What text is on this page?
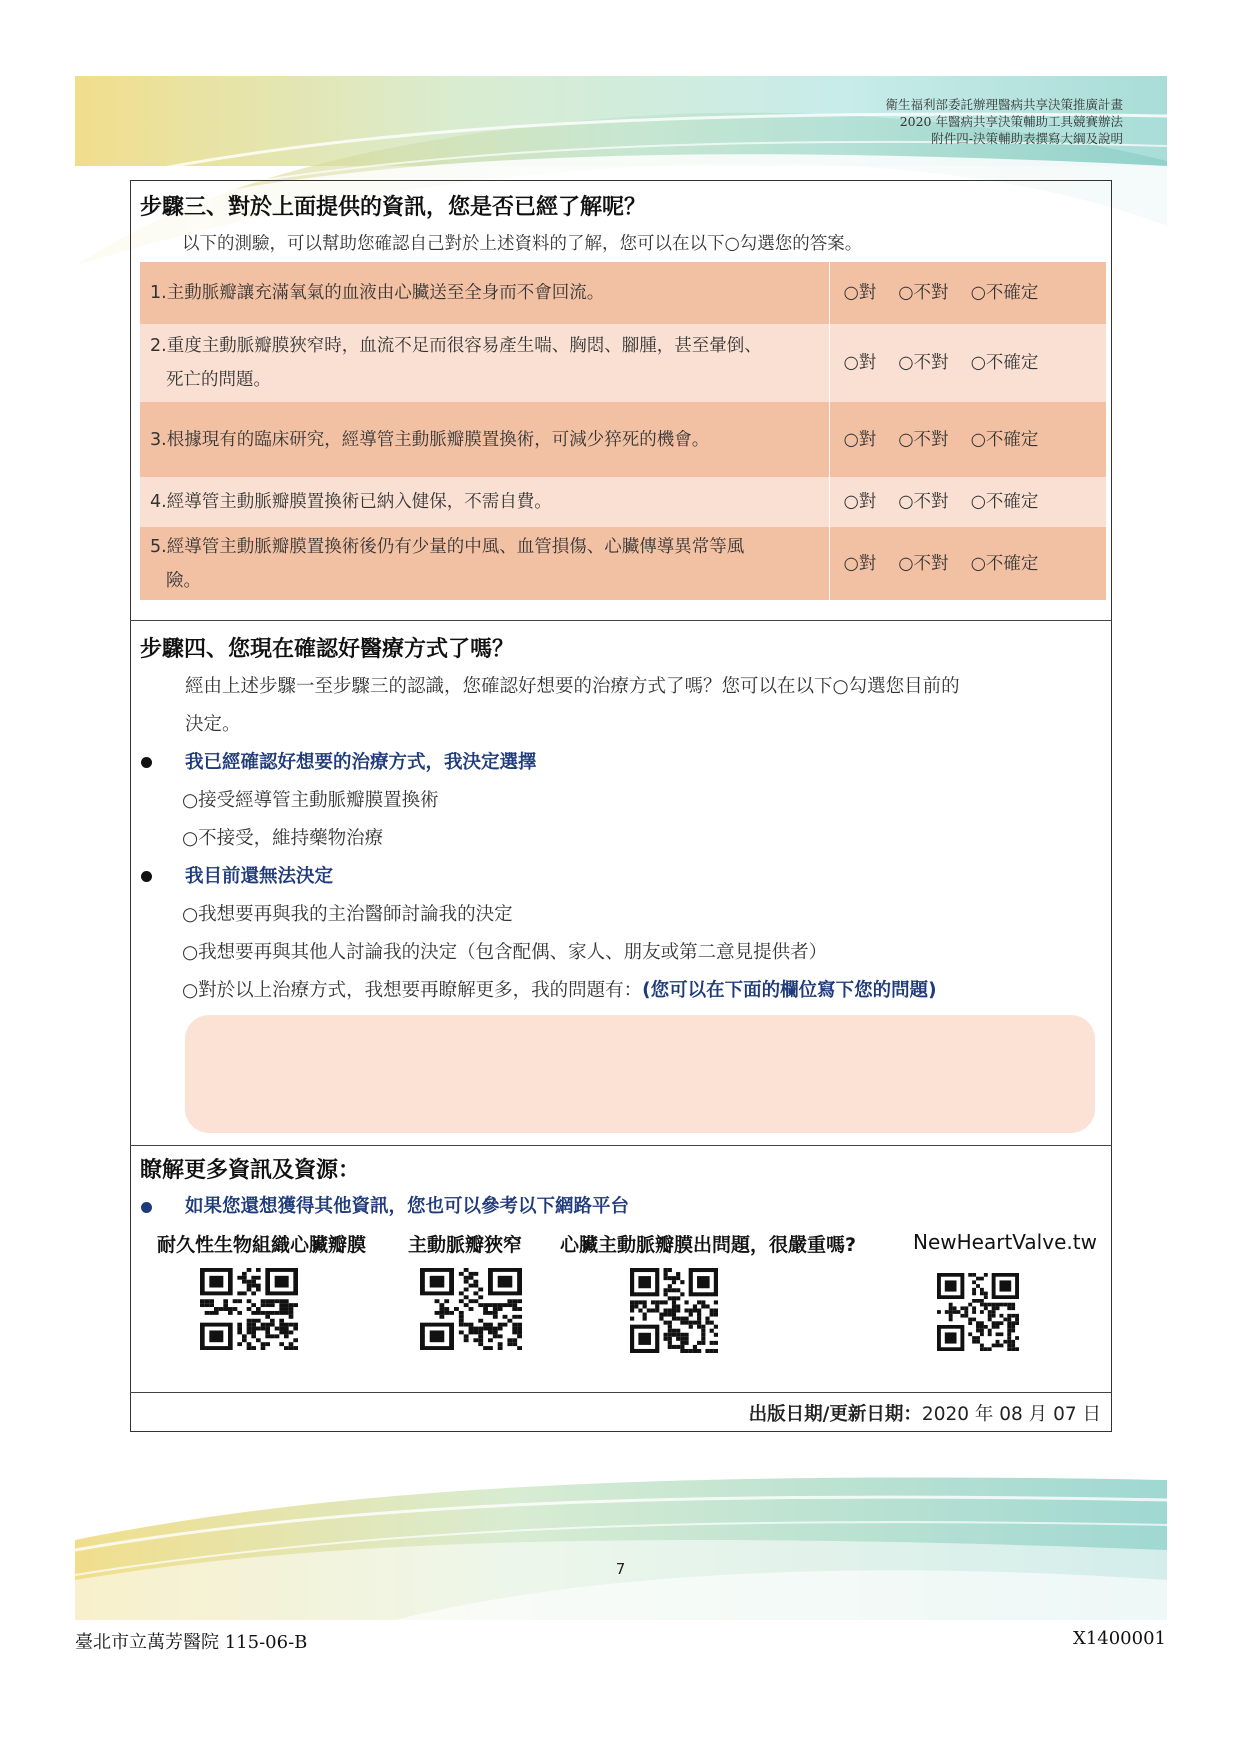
衛生福利部委託辦理醫病共享決策推廣計畫
2020 年醫病共享決策輔助工具競賽辦法
附件四-決策輔助表撰寫大綱及說明
步驟三、對於上面提供的資訊，您是否已經了解呢？
以下的測驗，可以幫助您確認自己對於上述資料的了解，您可以在以下○勾選您的答案。
1.主動脈瓣讓充滿氧氣的血液由心臟送至全身而不會回流。	○對 ○不對 ○不確定

2.重度主動脈瓣膜狹窄時，血流不足而很容易產生喘、胸悶、腳腫，甚至暈倒、
死亡的問題。	○對 ○不對 ○不確定
3.根據現有的臨床研究，經導管主動脈瓣膜置換術，可減少猝死的機會。	○對 ○不對 ○不確定
4.經導管主動脈瓣膜置換術已納入健保，不需自費。	○對 ○不對 ○不確定

5.經導管主動脈瓣膜置換術後仍有少量的中風、血管損傷、心臟傳導異常等風
險。	○對 ○不對 ○不確定
步驟四、您現在確認好醫療方式了嗎？
經由上述步驟一至步驟三的認識，您確認好想要的治療方式了嗎？您可以在以下○勾選您目前的
決定。
我已經確認好想要的治療方式，我決定選擇
○接受經導管主動脈瓣膜置換術
○不接受，維持藥物治療
我目前還無法決定
○我想要再與我的主治醫師討論我的決定
○我想要再與其他人討論我的決定（包含配偶、家人、朋友或第二意見提供者）
○對於以上治療方式，我想要再瞭解更多，我的問題有：(您可以在下面的欄位寫下您的問題)
瞭解更多資訊及資源：
如果您還想獲得其他資訊，您也可以參考以下網路平台
耐久性生物組織心臟瓣膜 主動脈瓣狹窄 心臟主動脈瓣膜出問題，很嚴重嗎?	NewHeartValve.tw
出版日期/更新日期：2020 年 08 月 07 日
7
臺北市立萬芳醫院 115-06-B	X1400001
